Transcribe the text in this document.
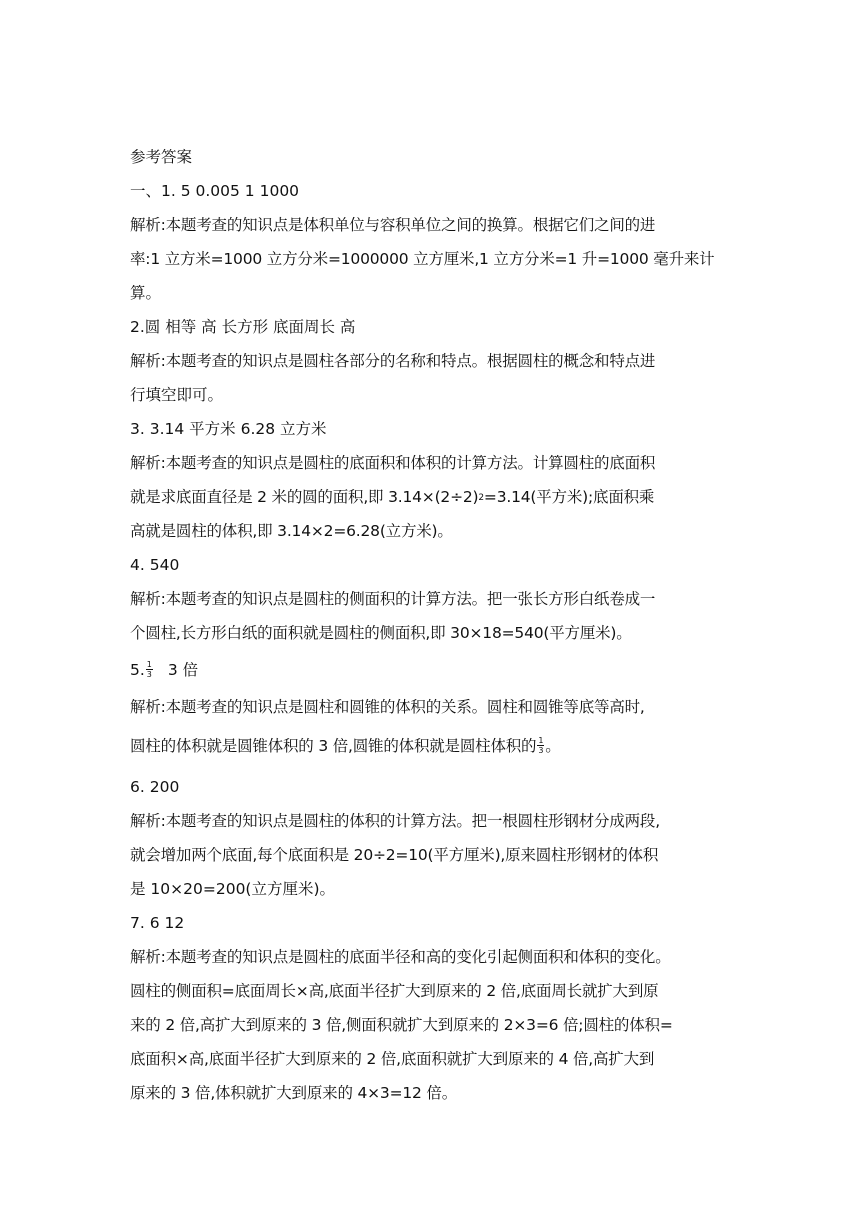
参考答案
一、1. 5 0.005 1 1000
解析:本题考查的知识点是体积单位与容积单位之间的换算。根据它们之间的进
率:1 立方米=1000 立方分米=1000000 立方厘米,1 立方分米=1 升=1000 毫升来计
算。
2.圆 相等 高 长方形 底面周长 高
解析:本题考查的知识点是圆柱各部分的名称和特点。根据圆柱的概念和特点进
行填空即可。
3. 3.14 平方米 6.28 立方米
解析:本题考查的知识点是圆柱的底面积和体积的计算方法。计算圆柱的底面积
就是求底面直径是 2 米的圆的面积,即 $3.14\times(2\div 2)^2=3.14$(平方米);底面积乘
高就是圆柱的体积,即 3.14×2=6.28(立方米)。
4. 540
解析:本题考查的知识点是圆柱的侧面积的计算方法。把一张长方形白纸卷成一
个圆柱,长方形白纸的面积就是圆柱的侧面积,即 30×18=540(平方厘米)。
5. $\frac{1}{3} 3$ 倍
解析:本题考查的知识点是圆柱和圆锥的体积的关系。圆柱和圆锥等底等高时,
圆柱的体积就是圆锥体积的 3 倍,圆锥的体积就是圆柱体积的 $\frac{1}{3}$ 。
6. 200
解析:本题考查的知识点是圆柱的体积的计算方法。把一根圆柱形钢材分成两段,
就会增加两个底面,每个底面积是 20÷2=10(平方厘米),原来圆柱形钢材的体积
是 10×20=200(立方厘米)。
7. 6 12
解析:本题考查的知识点是圆柱的底面半径和高的变化引起侧面积和体积的变化。
圆柱的侧面积=底面周长×高,底面半径扩大到原来的 2 倍,底面周长就扩大到原
来的 2 倍,高扩大到原来的 3 倍,侧面积就扩大到原来的 2×3=6 倍;圆柱的体积=
底面积×高,底面半径扩大到原来的 2 倍,底面积就扩大到原来的 4 倍,高扩大到
原来的 3 倍,体积就扩大到原来的 4×3=12 倍。
